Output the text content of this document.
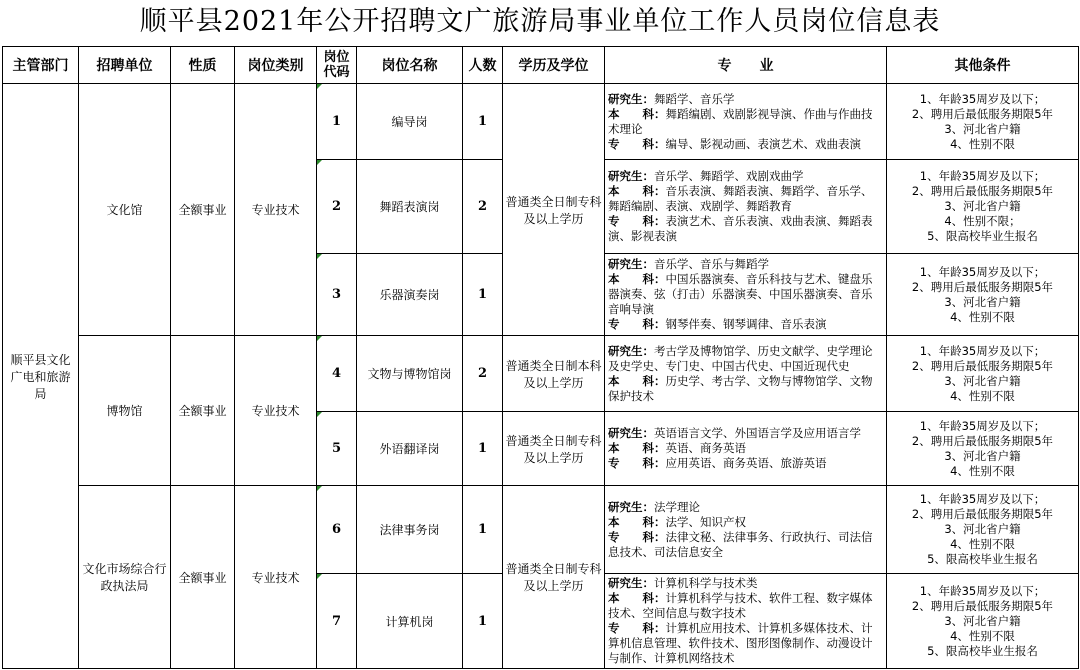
顺平县2021年公开招聘文广旅游局事业单位工作人员岗位信息表
主管部门	招聘单位	性质	岗位类别	岗位代码	岗位名称	人数	学历及学位	专　　业	其他条件
顺平县文化广电和旅游局	文化馆	全额事业	专业技术	1	编导岗	1	普通类全日制专科及以上学历	研究生：舞蹈学、音乐学
本　　科：舞蹈编剧、戏剧影视导演、作曲与作曲技术理论
专　　科：编导、影视动画、表演艺术、戏曲表演	1、年龄35周岁及以下；
2、聘用后最低服务期限5年
3、河北省户籍
4、性别不限

				2	舞蹈表演岗	2		研究生：音乐学、舞蹈学、戏剧戏曲学
本　　科：音乐表演、舞蹈表演、舞蹈学、音乐学、舞蹈编剧、表演、戏剧学、舞蹈教育
专　　科：表演艺术、音乐表演、戏曲表演、舞蹈表演、影视表演	1、年龄35周岁及以下；
2、聘用后最低服务期限5年
3、河北省户籍
4、性别不限；
5、限高校毕业生报名

				3	乐器演奏岗	1		研究生：音乐学、音乐与舞蹈学
本　　科：中国乐器演奏、音乐科技与艺术、键盘乐器演奏、弦（打击）乐器演奏、中国乐器演奏、音乐音响导演
专　　科：钢琴伴奏、钢琴调律、音乐表演	1、年龄35周岁及以下；
2、聘用后最低服务期限5年
3、河北省户籍
4、性别不限

	博物馆	全额事业	专业技术	4	文物与博物馆岗	2	普通类全日制本科及以上学历	研究生：考古学及博物馆学、历史文献学、史学理论及史学史、专门史、中国古代史、中国近现代史
本　　科：历史学、考古学、文物与博物馆学、文物保护技术	1、年龄35周岁及以下；
2、聘用后最低服务期限5年
3、河北省户籍
4、性别不限

				5	外语翻译岗	1	普通类全日制专科及以上学历	研究生：英语语言文学、外国语言学及应用语言学
本　　科：英语、商务英语
专　　科：应用英语、商务英语、旅游英语	1、年龄35周岁及以下；
2、聘用后最低服务期限5年
3、河北省户籍
4、性别不限

	文化市场综合行政执法局	全额事业	专业技术	6	法律事务岗	1	普通类全日制专科及以上学历	研究生：法学理论
本　　科：法学、知识产权
专　　科：法律文秘、法律事务、行政执行、司法信息技术、司法信息安全	1、年龄35周岁及以下；
2、聘用后最低服务期限5年
3、河北省户籍
4、性别不限
5、限高校毕业生报名

				7	计算机岗	1		研究生：计算机科学与技术类
本　　科：计算机科学与技术、软件工程、数字媒体技术、空间信息与数字技术
专　　科：计算机应用技术、计算机多媒体技术、计算机信息管理、软件技术、图形图像制作、动漫设计与制作、计算机网络技术	1、年龄35周岁及以下；
2、聘用后最低服务期限5年
3、河北省户籍
4、性别不限
5、限高校毕业生报名
